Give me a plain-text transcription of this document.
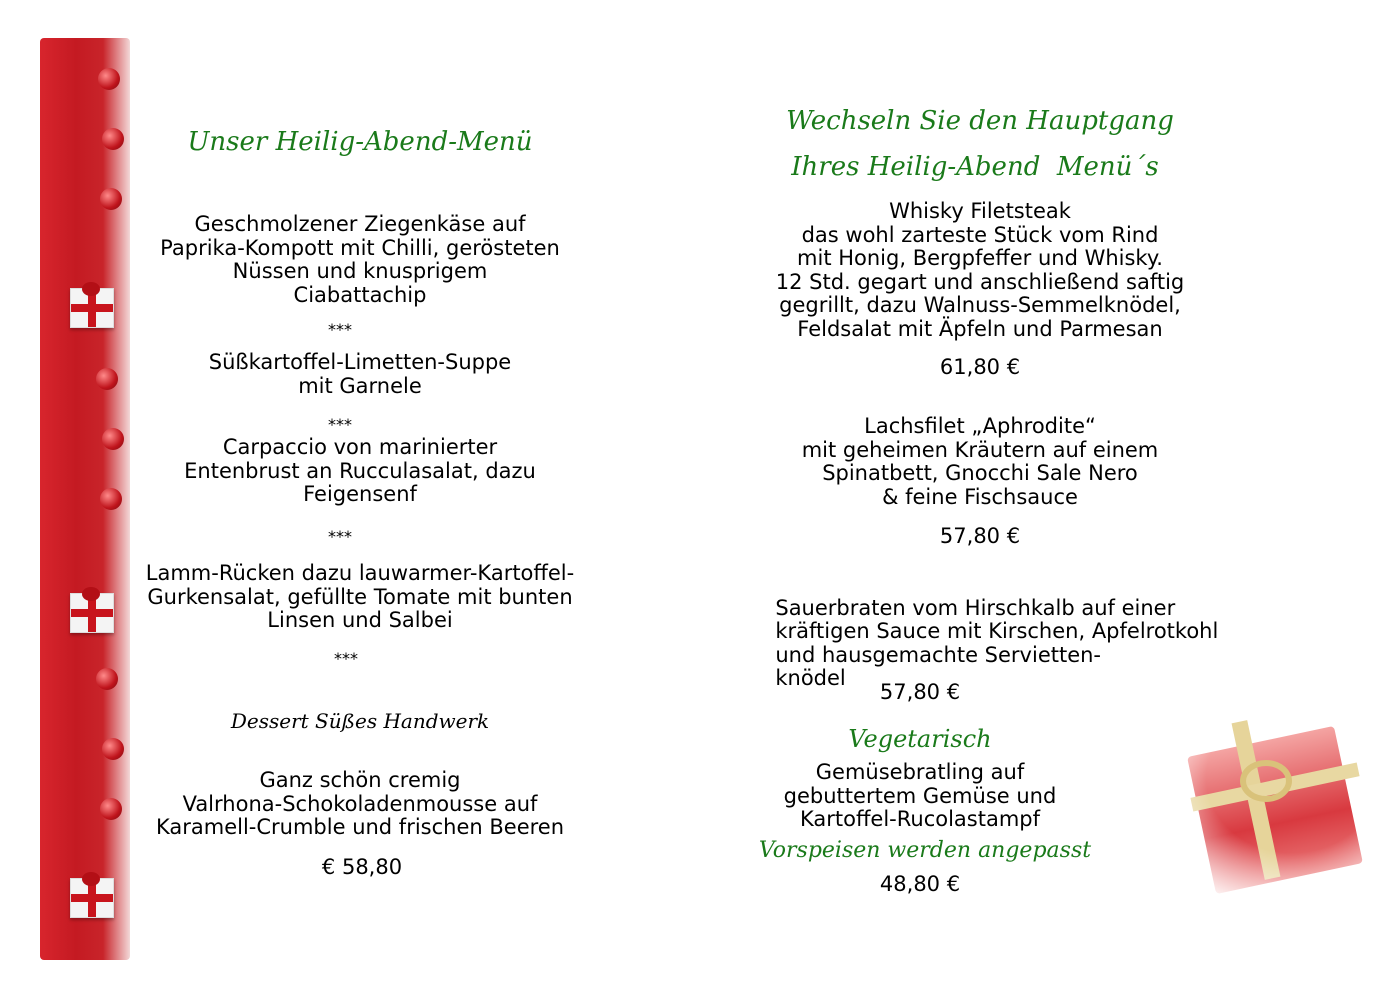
Unser Heilig-Abend-Menü
Geschmolzener Ziegenkäse auf
Paprika-Kompott mit Chilli, gerösteten
Nüssen und knusprigem
Ciabattachip
***
Süßkartoffel-Limetten-Suppe
mit Garnele
***
Carpaccio von marinierter
Entenbrust an Rucculasalat, dazu
Feigensenf
***
Lamm-Rücken dazu lauwarmer-Kartoffel-
Gurkensalat, gefüllte Tomate mit bunten
Linsen und Salbei
***
Dessert Süßes Handwerk
Ganz schön cremig
Valrhona-Schokoladenmousse auf
Karamell-Crumble und frischen Beeren
€ 58,80
Wechseln Sie den Hauptgang
Ihres Heilig-Abend  Menü´s
Whisky Filetsteak
das wohl zarteste Stück vom Rind
mit Honig, Bergpfeffer und Whisky.
12 Std. gegart und anschließend saftig
gegrillt, dazu Walnuss-Semmelknödel,
Feldsalat mit Äpfeln und Parmesan
61,80 €
Lachsfilet „Aphrodite“
mit geheimen Kräutern auf einem
Spinatbett, Gnocchi Sale Nero
& feine Fischsauce
57,80 €

Sauerbraten vom Hirschkalb auf einer
kräftigen Sauce mit Kirschen, Apfelrotkohl
und hausgemachte Servietten-
knödel

57,80 €
Vegetarisch
Gemüsebratling auf
gebuttertem Gemüse und
Kartoffel-Rucolastampf
Vorspeisen werden angepasst
48,80 €
